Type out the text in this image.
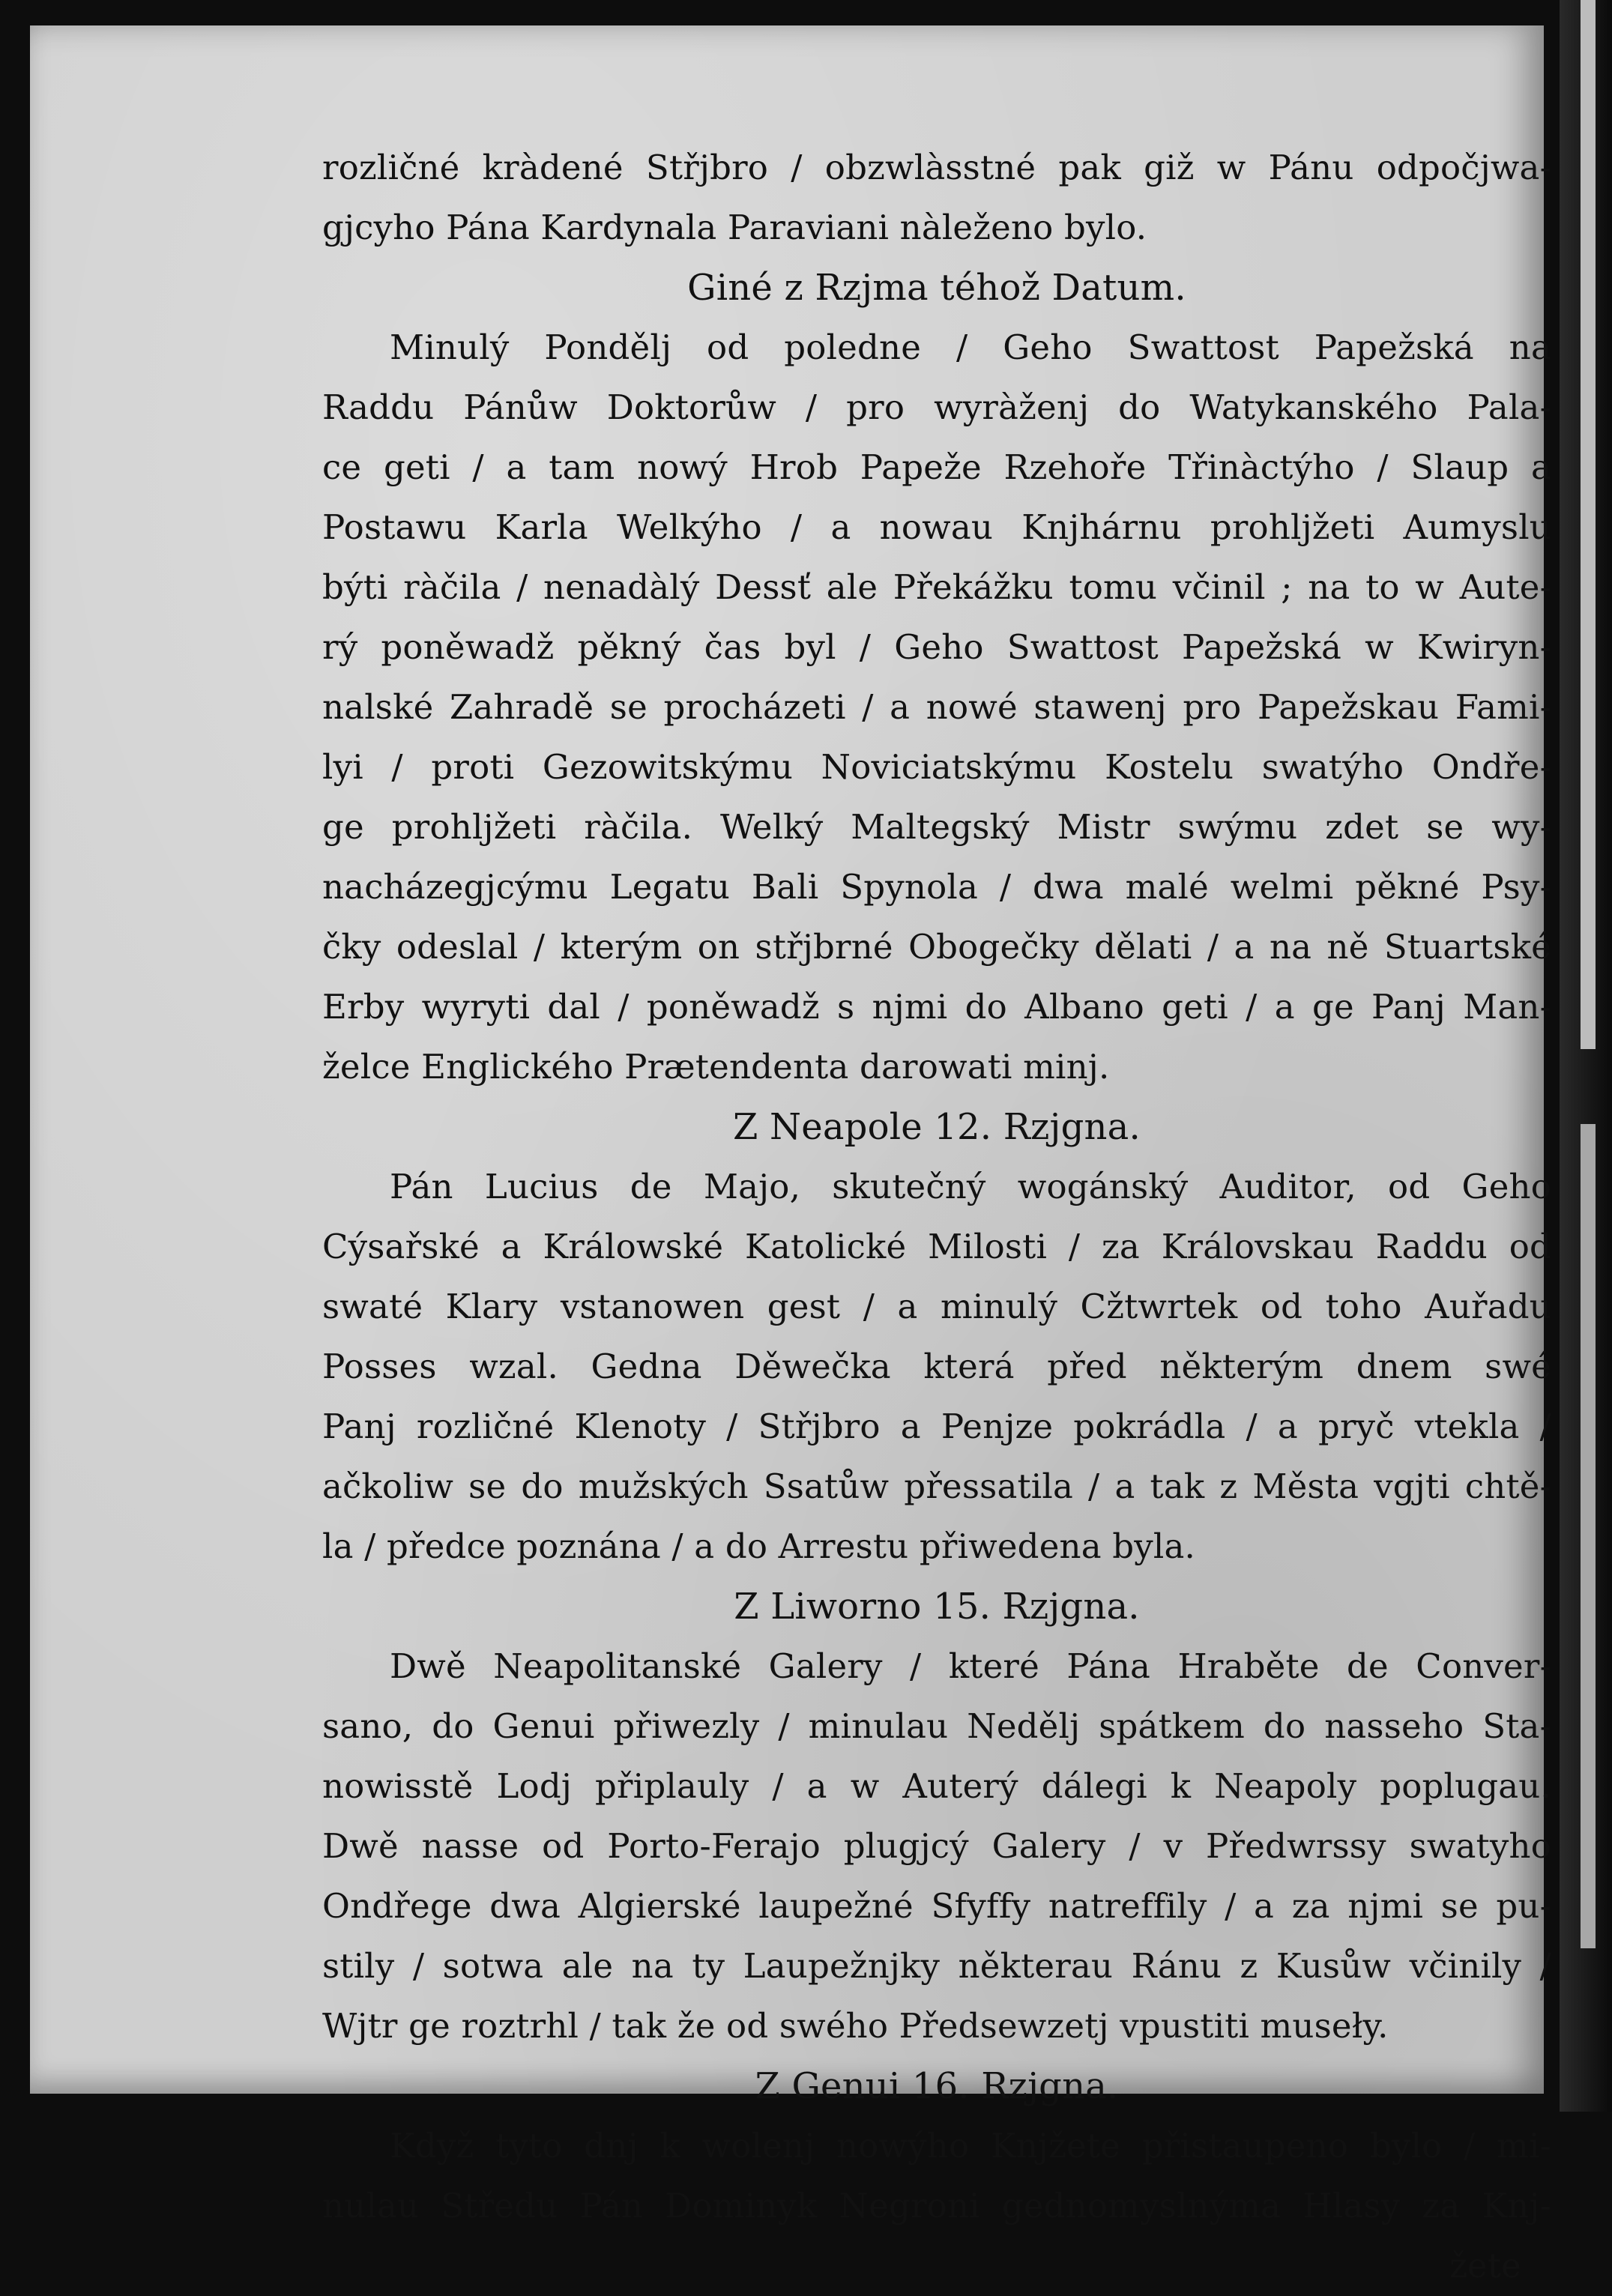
rozličné kràdené Střjbro / obzwlàsstné pak giž w Pánu odpočjwa-
gjcyho Pána Kardynala Paraviani nàleženo bylo.
Giné z Rzjma téhož Datum.
Minulý Pondělj od poledne / Geho Swattost Papežská na
Raddu Pánůw Doktorůw / pro wyràženj do Watykanského Pala-
ce geti / a tam nowý Hrob Papeže Rzehoře Třinàctýho / Slaup a
Postawu Karla Welkýho / a nowau Knjhárnu prohljžeti Aumyslu
býti ràčila / nenadàlý Dessť ale Překážku tomu včinil ; na to w Aute-
rý poněwadž pěkný čas byl / Geho Swattost Papežská w Kwiryn-
nalské Zahradě se procházeti / a nowé stawenj pro Papežskau Fami-
lyi / proti Gezowitskýmu Noviciatskýmu Kostelu swatýho Ondře-
ge prohljžeti ràčila. Welký Maltegský Mistr swýmu zdet se wy-
nacházegjcýmu Legatu Bali Spynola / dwa malé welmi pěkné Psy-
čky odeslal / kterým on střjbrné Obogečky dělati / a na ně Stuartské
Erby wyryti dal / poněwadž s njmi do Albano geti / a ge Panj Man-
želce Englického Prætendenta darowati minj.
Z Neapole 12. Rzjgna.
Pán Lucius de Majo, skutečný wogánský Auditor, od Geho
Cýsařské a Králowské Katolické Milosti / za Královskau Raddu od
swaté Klary vstanowen gest / a minulý Cžtwrtek od toho Auřadu
Posses wzal. Gedna Děwečka která před některým dnem swé
Panj rozličné Klenoty / Střjbro a Penjze pokrádla / a pryč vtekla /
ačkoliw se do mužských Ssatůw přessatila / a tak z Města vgjti chtě-
la / předce poznána / a do Arrestu přiwedena byla.
Z Liworno 15. Rzjgna.
Dwě Neapolitanské Galery / které Pána Hraběte de Conver-
sano, do Genui přiwezly / minulau Nedělj spátkem do nasseho Sta-
nowisstě Lodj připlauly / a w Auterý dálegi k Neapoly poplugau.
Dwě nasse od Porto-Ferajo plugjcý Galery / v Předwrssy swatyho
Ondřege dwa Algierské laupežné Sfyffy natreffily / a za njmi se pu-
stily / sotwa ale na ty Laupežnjky některau Ránu z Kusůw včinily /
Wjtr ge roztrhl / tak že od swého Předsewzetj vpustiti museły.
Z Genui 16. Rzjgna.
Když tyto dnj k wolenj nowýho Knjžete přistaupeno bylo / mi-
nulau Středu Pán Dominyk Negroni gednomyslnýma Hlasy za Knj-
žete
